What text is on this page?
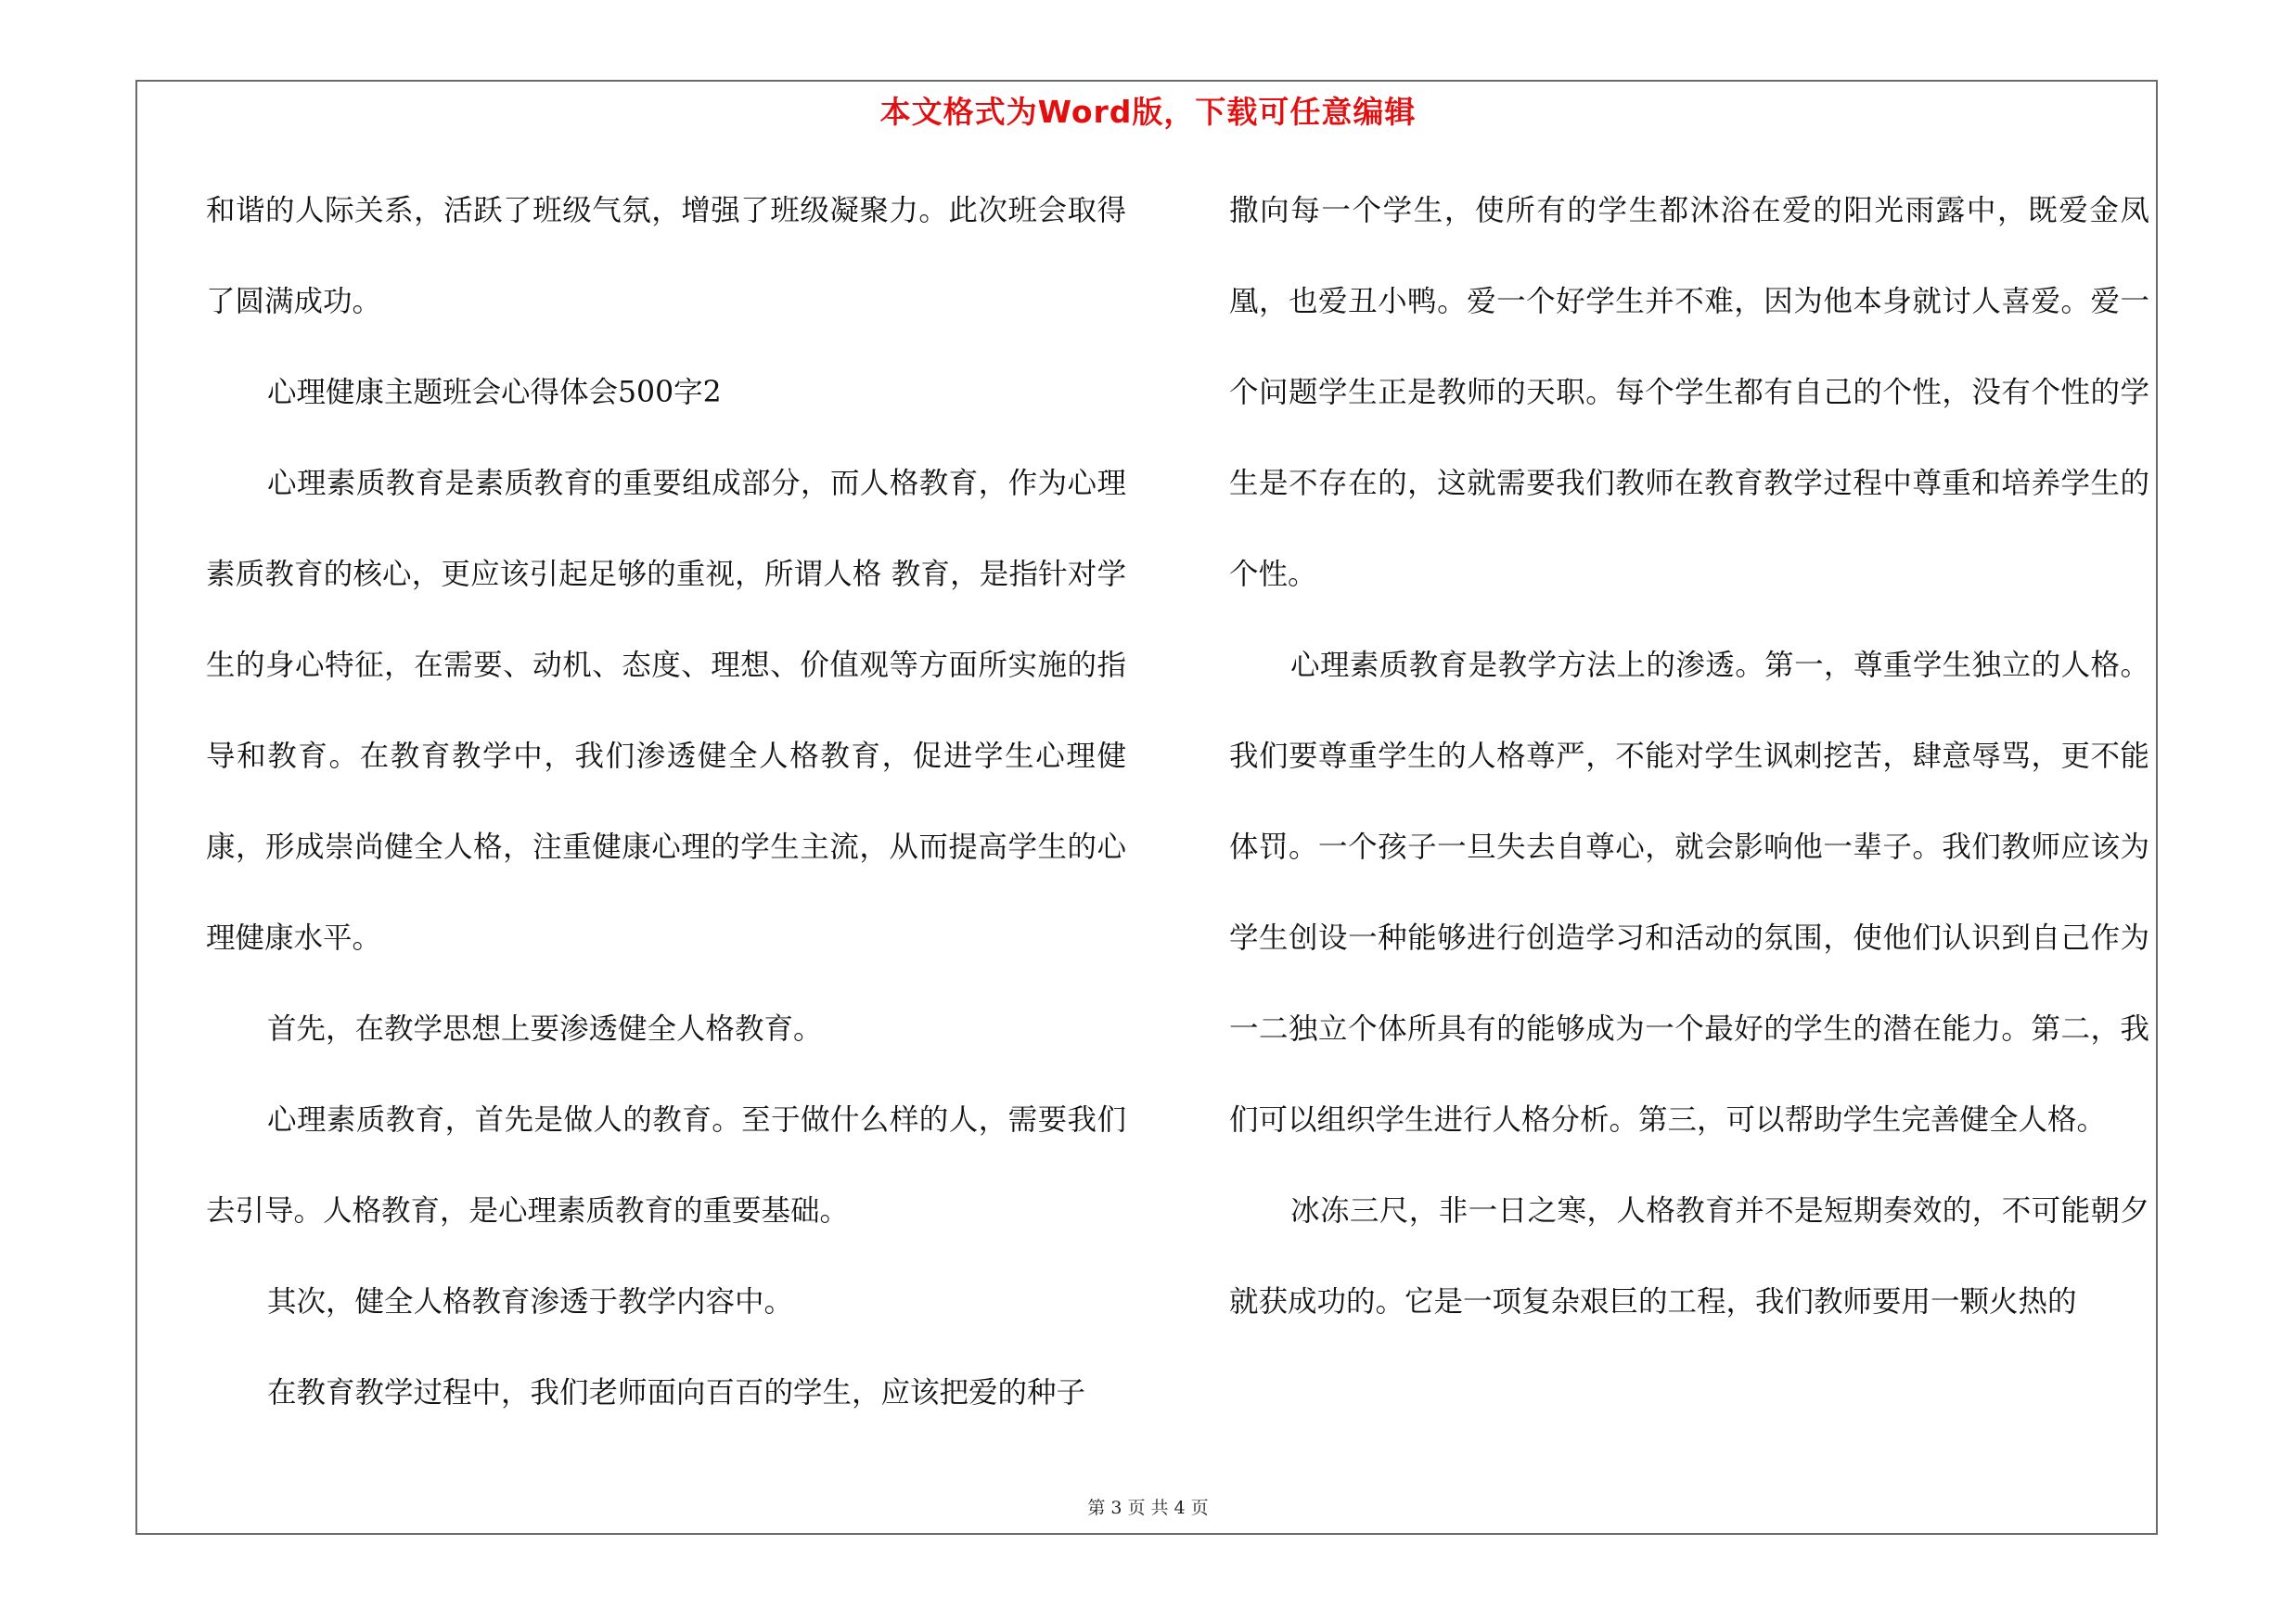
本文格式为Word版，下载可任意编辑

和谐的人际关系，活跃了班级气氛，增强了班级凝聚力。此次班会取得了圆满成功。

心理健康主题班会心得体会500字2

心理素质教育是素质教育的重要组成部分，而人格教育，作为心理素质教育的核心，更应该引起足够的重视，所谓人格 教育，是指针对学生的身心特征，在需要、动机、态度、理想、价值观等方面所实施的指导和教育。在教育教学中，我们渗透健全人格教育，促进学生心理健康，形成崇尚健全人格，注重健康心理的学生主流，从而提高学生的心理健康水平。

首先，在教学思想上要渗透健全人格教育。

心理素质教育，首先是做人的教育。至于做什么样的人，需要我们去引导。人格教育，是心理素质教育的重要基础。

其次，健全人格教育渗透于教学内容中。

在教育教学过程中，我们老师面向百百的学生，应该把爱的种子

撒向每一个学生，使所有的学生都沐浴在爱的阳光雨露中，既爱金凤凰，也爱丑小鸭。爱一个好学生并不难，因为他本身就讨人喜爱。爱一个问题学生正是教师的天职。每个学生都有自己的个性，没有个性的学生是不存在的，这就需要我们教师在教育教学过程中尊重和培养学生的个性。

心理素质教育是教学方法上的渗透。第一，尊重学生独立的人格。我们要尊重学生的人格尊严，不能对学生讽刺挖苦，肆意辱骂，更不能体罚。一个孩子一旦失去自尊心，就会影响他一辈子。我们教师应该为学生创设一种能够进行创造学习和活动的氛围，使他们认识到自己作为一二独立个体所具有的能够成为一个最好的学生的潜在能力。第二，我们可以组织学生进行人格分析。第三，可以帮助学生完善健全人格。

冰冻三尺，非一日之寒，人格教育并不是短期奏效的，不可能朝夕就获成功的。它是一项复杂艰巨的工程，我们教师要用一颗火热的

第 3 页 共 4 页
